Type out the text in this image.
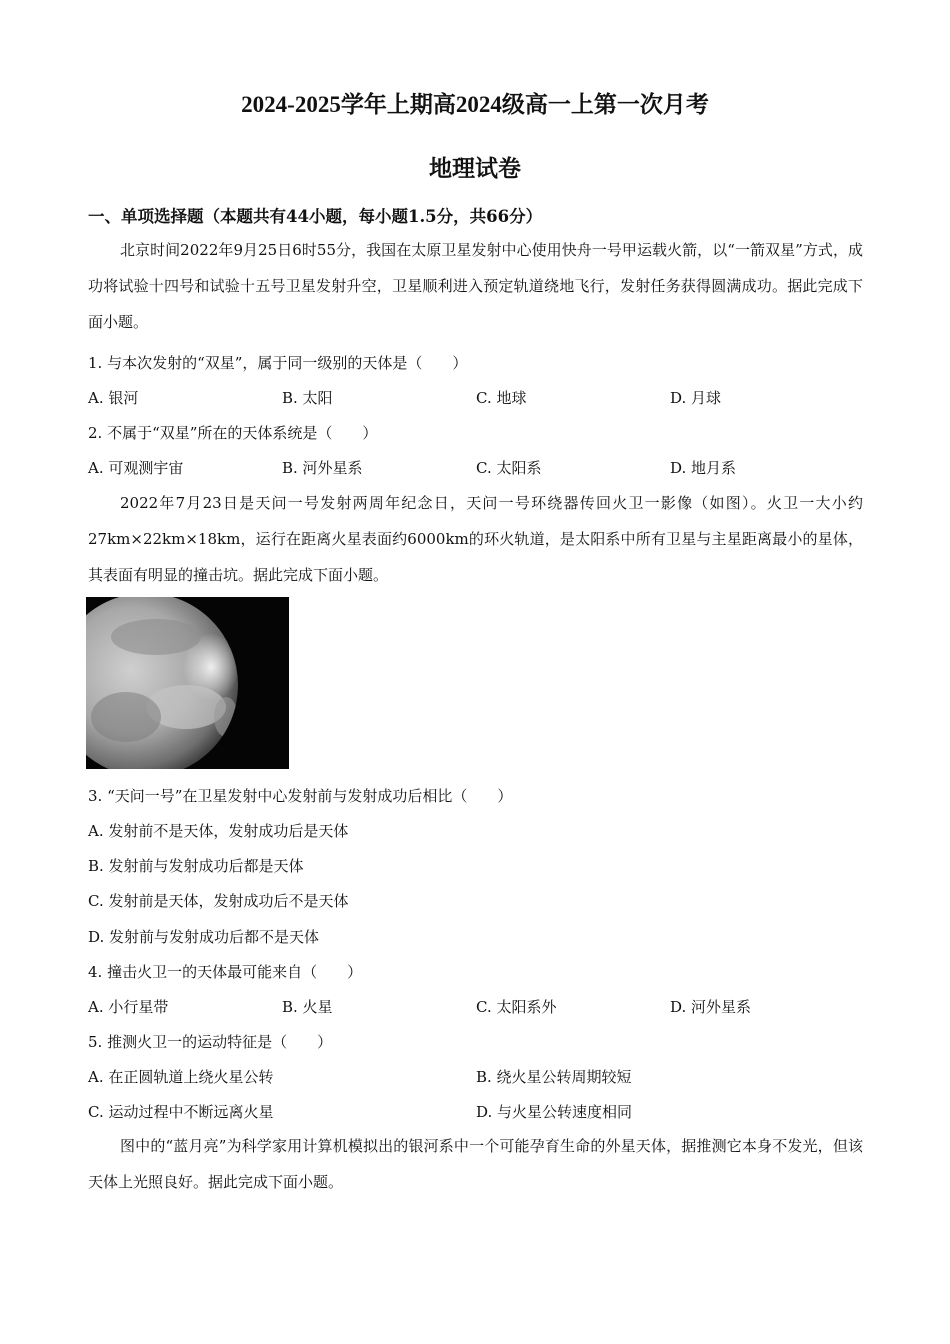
2024-2025学年上期高2024级高一上第一次月考
地理试卷
一、单项选择题（本题共有44小题，每小题1.5分，共66分）

北京时间2022年9月25日6时55分，我国在太原卫星发射中心使用快舟一号甲运载火箭，以“一箭双星”方式，成功将试验十四号和试验十五号卫星发射升空，卫星顺利进入预定轨道绕地飞行，发射任务获得圆满成功。据此完成下面小题。

1. 与本次发射的“双星”，属于同一级别的天体是（　　）
A. 银河	B. 太阳	C. 地球	D. 月球
2. 不属于“双星”所在的天体系统是（　　）
A. 可观测宇宙	B. 河外星系	C. 太阳系	D. 地月系

2022年7月23日是天问一号发射两周年纪念日，天问一号环绕器传回火卫一影像（如图）。火卫一大小约27km×22km×18km，运行在距离火星表面约6000km的环火轨道，是太阳系中所有卫星与主星距离最小的星体，其表面有明显的撞击坑。据此完成下面小题。

3. “天问一号”在卫星发射中心发射前与发射成功后相比（　　）
A. 发射前不是天体，发射成功后是天体
B. 发射前与发射成功后都是天体
C. 发射前是天体，发射成功后不是天体
D. 发射前与发射成功后都不是天体
4. 撞击火卫一的天体最可能来自（　　）
A. 小行星带	B. 火星	C. 太阳系外	D. 河外星系
5. 推测火卫一的运动特征是（　　）
A. 在正圆轨道上绕火星公转	B. 绕火星公转周期较短
C. 运动过程中不断远离火星	D. 与火星公转速度相同

图中的“蓝月亮”为科学家用计算机模拟出的银河系中一个可能孕育生命的外星天体，据推测它本身不发光，但该天体上光照良好。据此完成下面小题。
